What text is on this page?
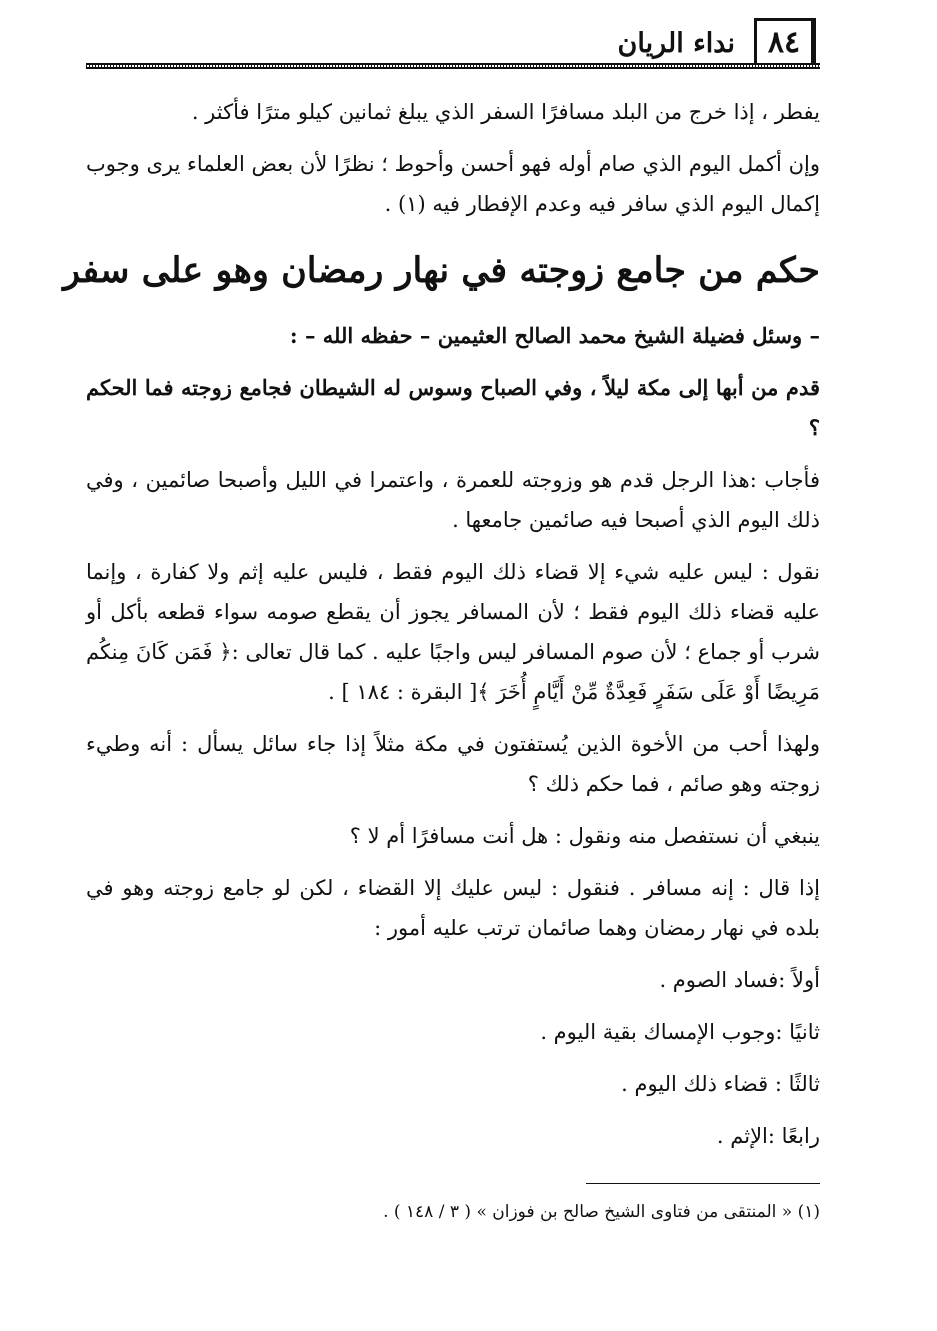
٨٤
نداء الريان

يفطر ، إذا خرج من البلد مسافرًا السفر الذي يبلغ ثمانين كيلو مترًا فأكثر .

وإن أكمل اليوم الذي صام أوله فهو أحسن وأحوط ؛ نظرًا لأن بعض العلماء يرى وجوب إكمال اليوم الذي سافر فيه وعدم الإفطار فيه (١) .

حكم من جامع زوجته في نهار رمضان وهو على سفر

– وسئل فضيلة الشيخ محمد الصالح العثيمين – حفظه الله – :

قدم من أبها إلى مكة ليلاً ، وفي الصباح وسوس له الشيطان فجامع زوجته فما الحكم ؟

فأجاب :هذا الرجل قدم هو وزوجته للعمرة ، واعتمرا في الليل وأصبحا صائمين ، وفي ذلك اليوم الذي أصبحا فيه صائمين جامعها .

نقول : ليس عليه شيء إلا قضاء ذلك اليوم فقط ، فليس عليه إثم ولا كفارة ، وإنما عليه قضاء ذلك اليوم فقط ؛ لأن المسافر يجوز أن يقطع صومه سواء قطعه بأكل أو شرب أو جماع ؛ لأن صوم المسافر ليس واجبًا عليه . كما قال تعالى :﴿ فَمَن كَانَ مِنكُم مَرِيضًا أَوْ عَلَى سَفَرٍ فَعِدَّةٌ مِّنْ أَيَّامٍ أُخَرَ ﴾[ البقرة : ١٨٤ ] .

ولهذا أحب من الأخوة الذين يُستفتون في مكة مثلاً إذا جاء سائل يسأل : أنه وطيء زوجته وهو صائم ، فما حكم ذلك ؟

ينبغي أن نستفصل منه ونقول : هل أنت مسافرًا أم لا ؟

إذا قال : إنه مسافر . فنقول : ليس عليك إلا القضاء ، لكن لو جامع زوجته وهو في بلده في نهار رمضان وهما صائمان ترتب عليه أمور :

أولاً :فساد الصوم .

ثانيًا :وجوب الإمساك بقية اليوم .

ثالثًا : قضاء ذلك اليوم .

رابعًا :الإثم .

(١) « المنتقى من فتاوى الشيخ صالح بن فوزان » ( ٣ / ١٤٨ ) .
